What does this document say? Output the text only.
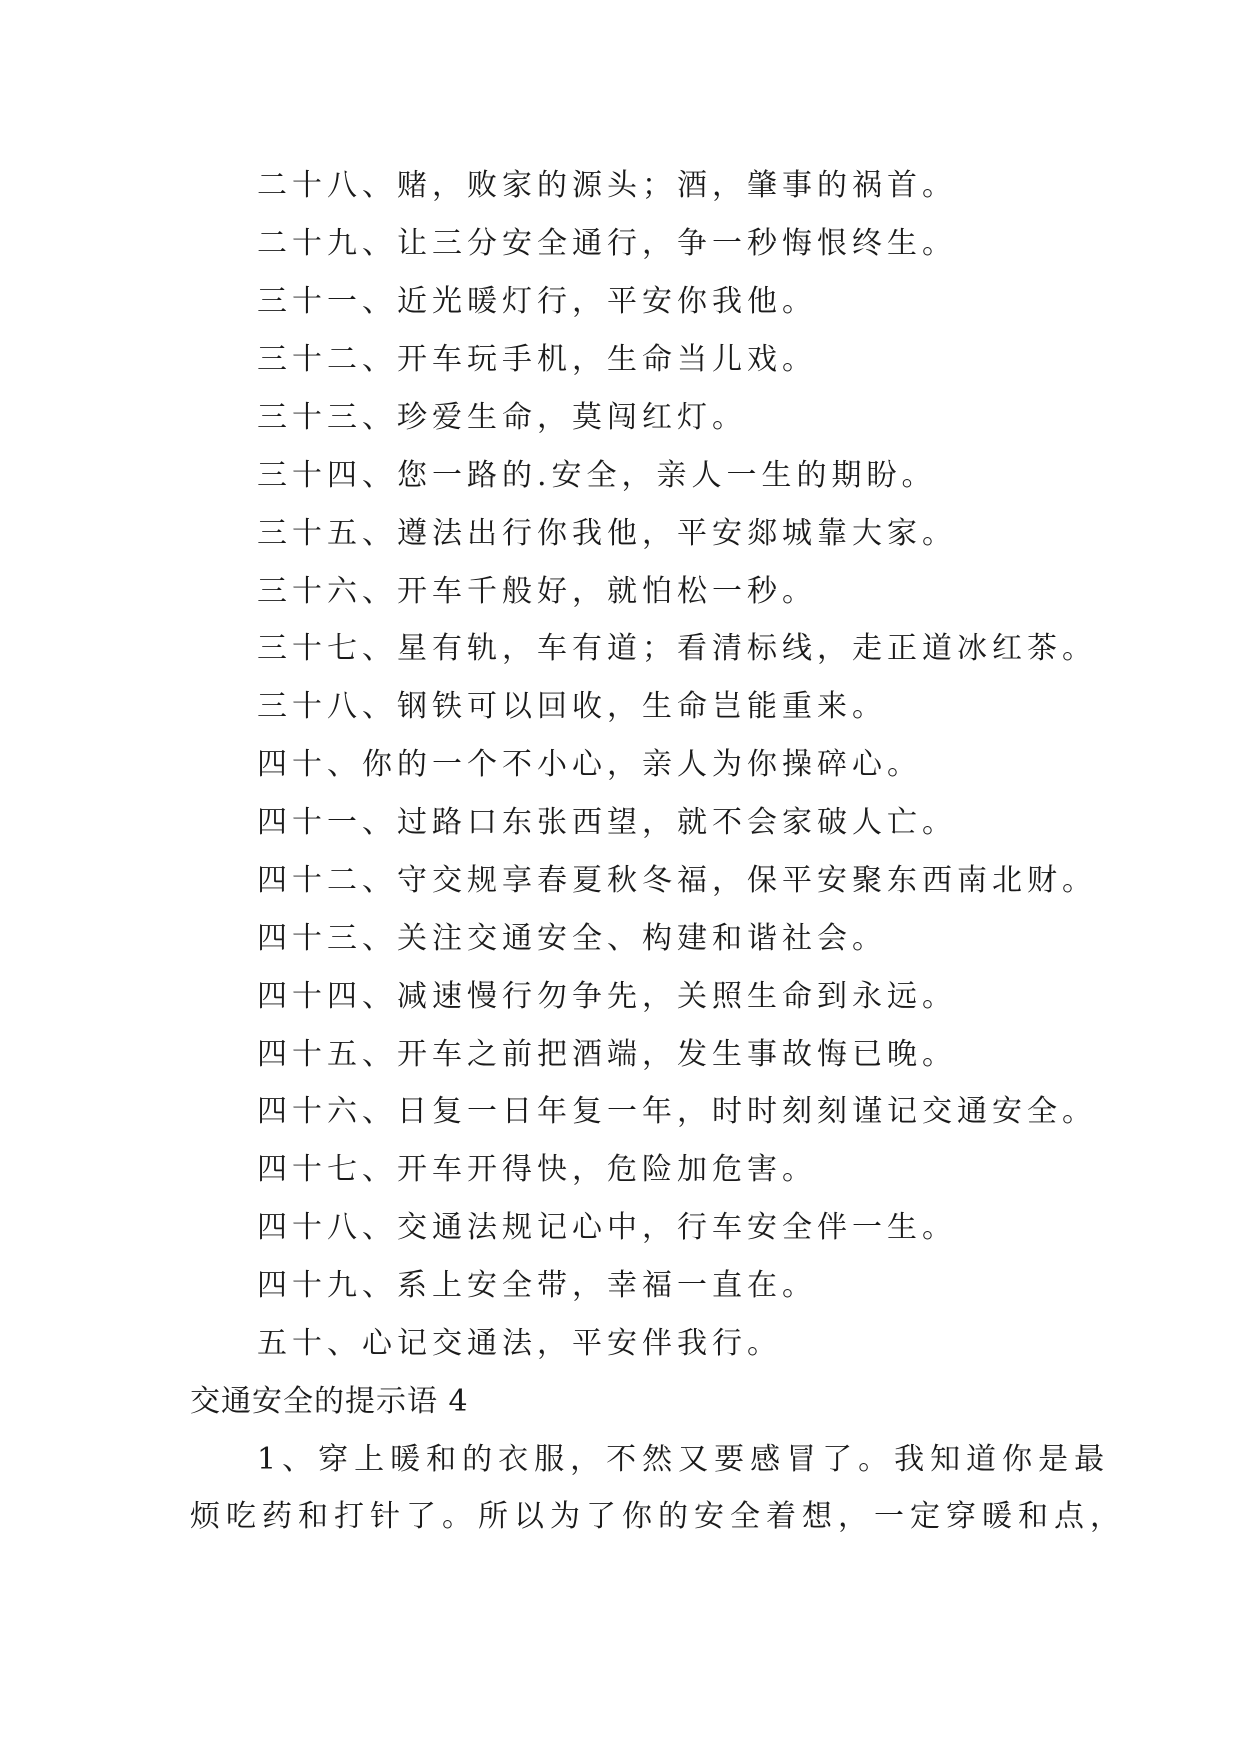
二十八、赌，败家的源头；酒，肇事的祸首。
二十九、让三分安全通行，争一秒悔恨终生。
三十一、近光暖灯行，平安你我他。
三十二、开车玩手机，生命当儿戏。
三十三、珍爱生命，莫闯红灯。
三十四、您一路的.安全，亲人一生的期盼。
三十五、遵法出行你我他，平安郯城靠大家。
三十六、开车千般好，就怕松一秒。
三十七、星有轨，车有道；看清标线，走正道冰红茶。
三十八、钢铁可以回收，生命岂能重来。
四十、你的一个不小心，亲人为你操碎心。
四十一、过路口东张西望，就不会家破人亡。
四十二、守交规享春夏秋冬福，保平安聚东西南北财。
四十三、关注交通安全、构建和谐社会。
四十四、减速慢行勿争先，关照生命到永远。
四十五、开车之前把酒端，发生事故悔已晚。
四十六、日复一日年复一年，时时刻刻谨记交通安全。
四十七、开车开得快，危险加危害。
四十八、交通法规记心中，行车安全伴一生。
四十九、系上安全带，幸福一直在。
五十、心记交通法，平安伴我行。
交通安全的提示语 4
1、穿上暖和的衣服，不然又要感冒了。我知道你是最
烦吃药和打针了。所以为了你的安全着想，一定穿暖和点，
